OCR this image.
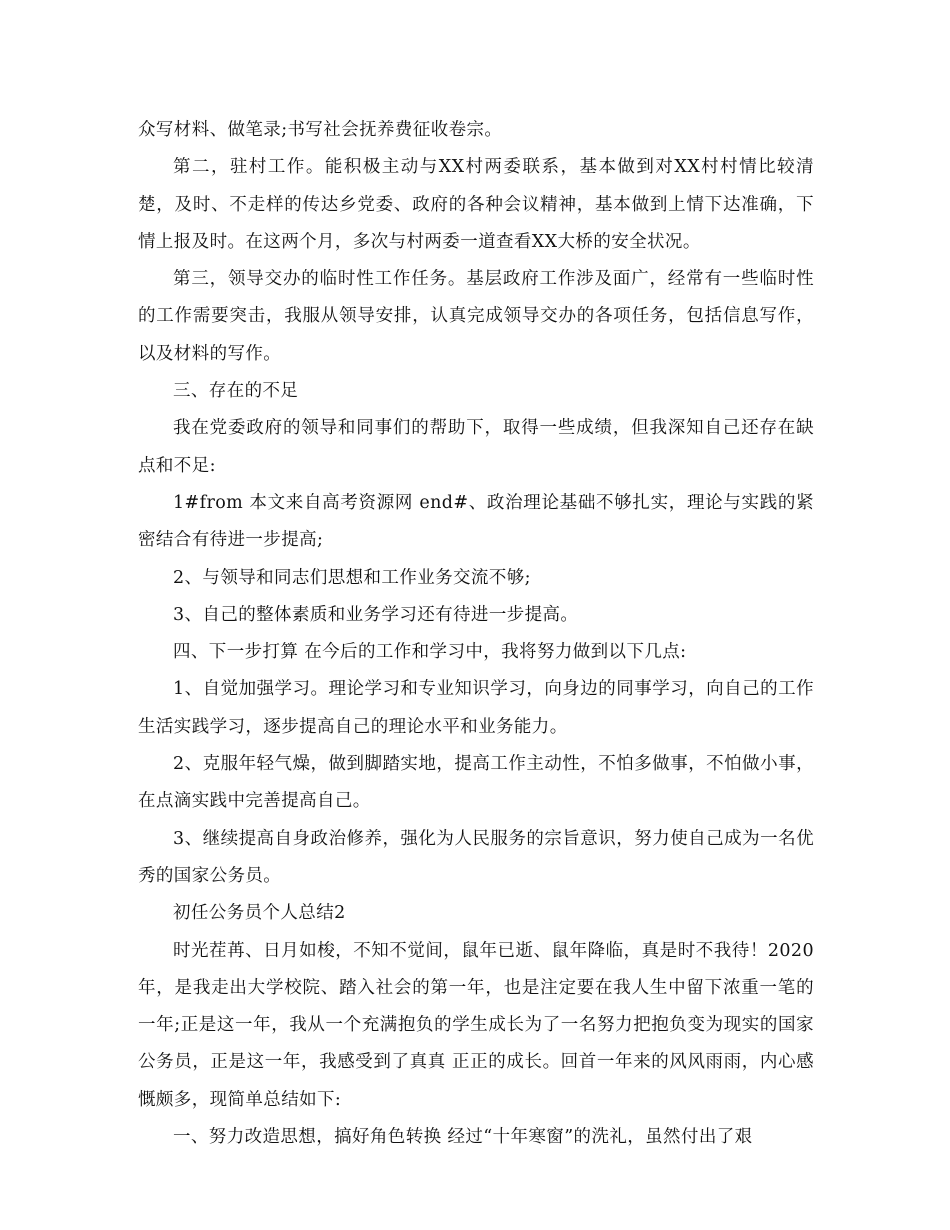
众写材料、做笔录;书写社会抚养费征收卷宗。

第二，驻村工作。能积极主动与XX村两委联系，基本做到对XX村村情比较清楚，及时、不走样的传达乡党委、政府的各种会议精神，基本做到上情下达准确，下情上报及时。在这两个月，多次与村两委一道查看XX大桥的安全状况。

第三，领导交办的临时性工作任务。基层政府工作涉及面广，经常有一些临时性的工作需要突击，我服从领导安排，认真完成领导交办的各项任务，包括信息写作，以及材料的写作。

三、存在的不足

我在党委政府的领导和同事们的帮助下，取得一些成绩，但我深知自己还存在缺点和不足:

1#from 本文来自高考资源网 end#、政治理论基础不够扎实，理论与实践的紧密结合有待进一步提高;

2、与领导和同志们思想和工作业务交流不够;

3、自己的整体素质和业务学习还有待进一步提高。

四、下一步打算 在今后的工作和学习中，我将努力做到以下几点:

1、自觉加强学习。理论学习和专业知识学习，向身边的同事学习，向自己的工作生活实践学习，逐步提高自己的理论水平和业务能力。

2、克服年轻气燥，做到脚踏实地，提高工作主动性，不怕多做事，不怕做小事，在点滴实践中完善提高自己。

3、继续提高自身政治修养，强化为人民服务的宗旨意识，努力使自己成为一名优秀的国家公务员。

初任公务员个人总结2

时光茬苒、日月如梭，不知不觉间，鼠年已逝、鼠年降临，真是时不我待！2020年，是我走出大学校院、踏入社会的第一年，也是注定要在我人生中留下浓重一笔的一年;正是这一年，我从一个充满抱负的学生成长为了一名努力把抱负变为现实的国家公务员，正是这一年，我感受到了真真 正正的成长。回首一年来的风风雨雨，内心感慨颇多，现简单总结如下:

一、努力改造思想，搞好角色转换 经过“十年寒窗”的洗礼，虽然付出了艰
